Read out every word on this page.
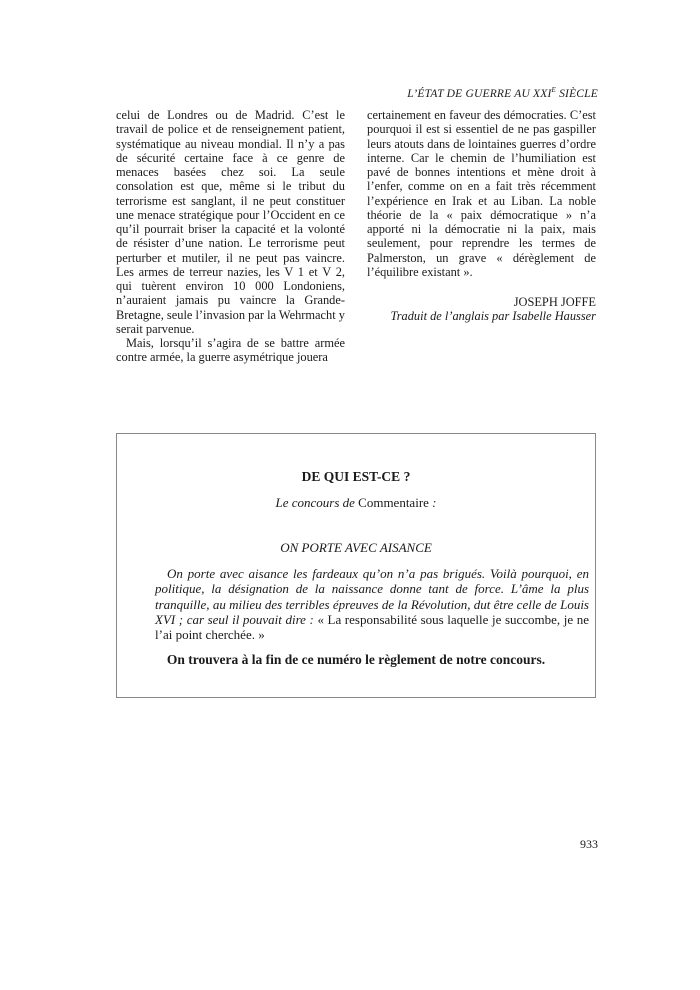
L’ÉTAT DE GUERRE AU $XXI^E$ SIÈCLE

celui de Londres ou de Madrid. C’est le travail de police et de renseignement patient, systématique au niveau mondial. Il n’y a pas de sécurité certaine face à ce genre de menaces basées chez soi. La seule consolation est que, même si le tribut du terrorisme est sanglant, il ne peut constituer une menace stratégique pour l’Occident en ce qu’il pourrait briser la capacité et la volonté de résister d’une nation. Le terrorisme peut perturber et mutiler, il ne peut pas vaincre. Les armes de terreur nazies, les V 1 et V 2, qui tuèrent environ 10 000 Londoniens, n’auraient jamais pu vaincre la Grande-Bretagne, seule l’invasion par la Wehrmacht y serait parvenue.

Mais, lorsqu’il s’agira de se battre armée contre armée, la guerre asymétrique jouera

certainement en faveur des démocraties. C’est pourquoi il est si essentiel de ne pas gaspiller leurs atouts dans de lointaines guerres d’ordre interne. Car le chemin de l’humiliation est pavé de bonnes intentions et mène droit à l’enfer, comme on en a fait très récemment l’expérience en Irak et au Liban. La noble théorie de la « paix démocratique » n’a apporté ni la démocratie ni la paix, mais seulement, pour reprendre les termes de Palmerston, un grave « dérèglement de l’équilibre existant ».

JOSEPH JOFFE

Traduit de l’anglais par Isabelle Hausser

DE QUI EST-CE ?
Le concours de Commentaire :
ON PORTE AVEC AISANCE
On porte avec aisance les fardeaux qu’on n’a pas brigués. Voilà pourquoi, en politique, la désignation de la naissance donne tant de force. L’âme la plus tranquille, au milieu des terribles épreuves de la Révolution, dut être celle de Louis XVI ; car seul il pouvait dire : « La responsabilité sous laquelle je succombe, je ne l’ai point cherchée. »
On trouvera à la fin de ce numéro le règlement de notre concours.
933
